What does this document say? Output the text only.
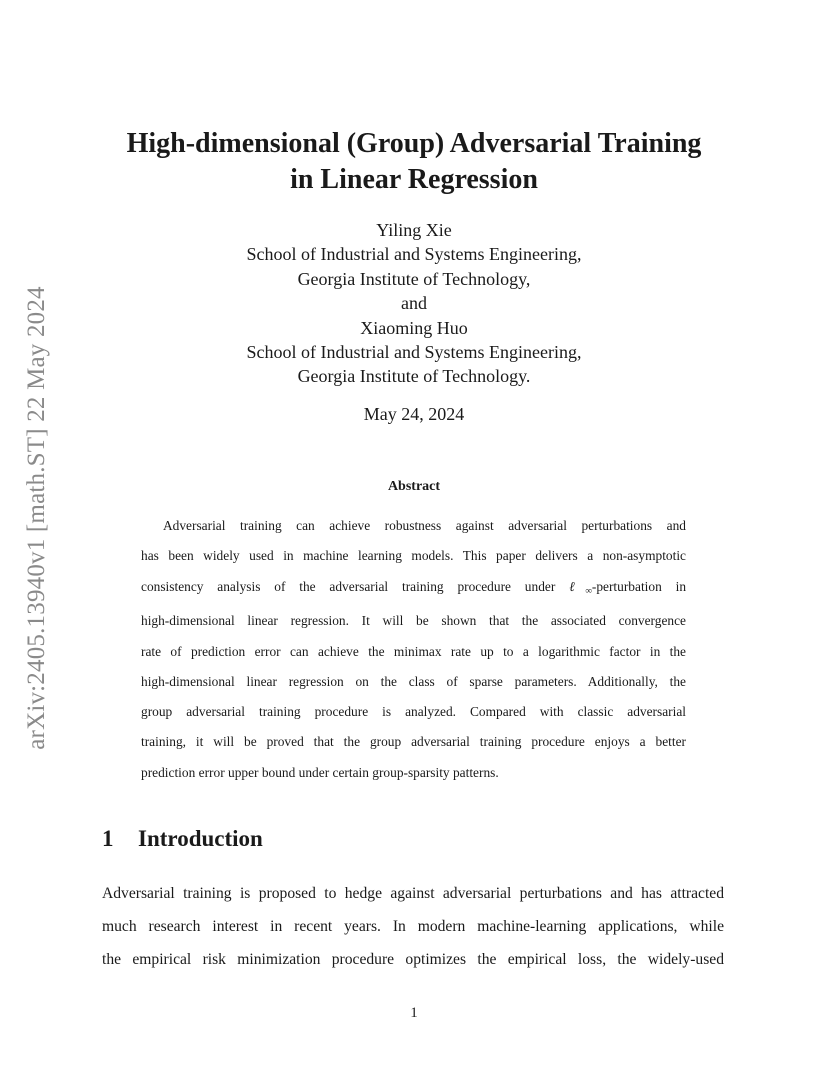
arXiv:2405.13940v1 [math.ST] 22 May 2024
High-dimensional (Group) Adversarial Training
in Linear Regression
Yiling Xie
School of Industrial and Systems Engineering,
Georgia Institute of Technology,
and
Xiaoming Huo
School of Industrial and Systems Engineering,
Georgia Institute of Technology.
May 24, 2024
Abstract
Adversarial training can achieve robustness against adversarial perturbations and
has been widely used in machine learning models. This paper delivers a non-asymptotic
consistency analysis of the adversarial training procedure under ℓ∞-perturbation in
high-dimensional linear regression. It will be shown that the associated convergence
rate of prediction error can achieve the minimax rate up to a logarithmic factor in the
high-dimensional linear regression on the class of sparse parameters. Additionally, the
group adversarial training procedure is analyzed. Compared with classic adversarial
training, it will be proved that the group adversarial training procedure enjoys a better
prediction error upper bound under certain group-sparsity patterns.
1 Introduction
Adversarial training is proposed to hedge against adversarial perturbations and has attracted
much research interest in recent years. In modern machine-learning applications, while
the empirical risk minimization procedure optimizes the empirical loss, the widely-used
1
